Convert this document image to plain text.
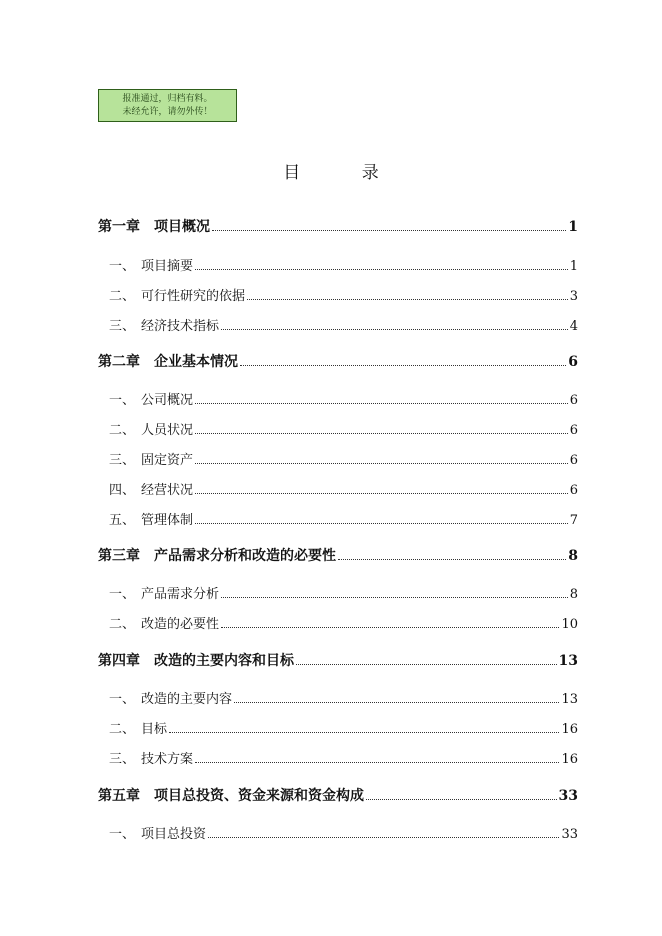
报准通过，归档有料。
未经允许，请勿外传！
目 录
第一章 项目概况	1
一、 项目摘要	1
二、 可行性研究的依据	3
三、 经济技术指标	4
第二章 企业基本情况	6
一、 公司概况	6
二、 人员状况	6
三、 固定资产	6
四、 经营状况	6
五、 管理体制	7
第三章 产品需求分析和改造的必要性	8
一、 产品需求分析	8
二、 改造的必要性	10
第四章 改造的主要内容和目标	13
一、 改造的主要内容	13
二、 目标	16
三、 技术方案	16
第五章 项目总投资、资金来源和资金构成	33
一、 项目总投资	33
